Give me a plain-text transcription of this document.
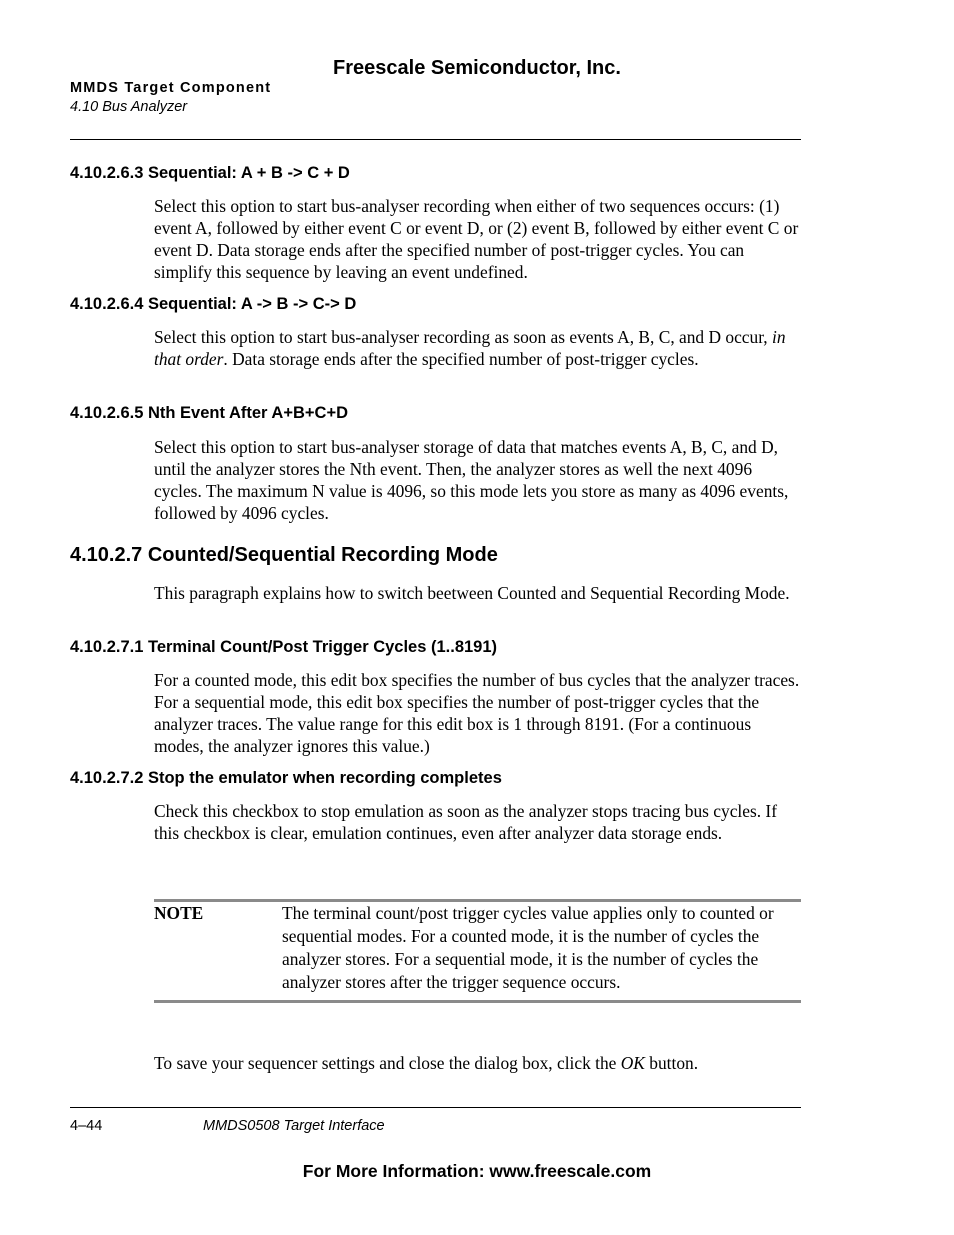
Freescale Semiconductor, Inc.
MMDS Target Component
4.10 Bus Analyzer
4.10.2.6.3 Sequential: A + B -> C + D
Select this option to start bus-analyser recording when either of two sequences occurs: (1) event A, followed by either event C or event D, or (2) event B, followed by either event C or event D. Data storage ends after the specified number of post-trigger cycles. You can simplify this sequence by leaving an event undefined.
4.10.2.6.4 Sequential: A -> B -> C-> D
Select this option to start bus-analyser recording as soon as events A, B, C, and D occur, in that order. Data storage ends after the specified number of post-trigger cycles.
4.10.2.6.5 Nth Event After A+B+C+D
Select this option to start bus-analyser storage of data that matches events A, B, C, and D, until the analyzer stores the Nth event. Then, the analyzer stores as well the next 4096 cycles. The maximum N value is 4096, so this mode lets you store as many as 4096 events, followed by 4096 cycles.
4.10.2.7 Counted/Sequential Recording Mode
This paragraph explains how to switch beetween Counted and Sequential Recording Mode.
4.10.2.7.1 Terminal Count/Post Trigger Cycles (1..8191)
For a counted mode, this edit box specifies the number of bus cycles that the analyzer traces. For a sequential mode, this edit box specifies the number of post-trigger cycles that the analyzer traces. The value range for this edit box is 1 through 8191. (For a continuous modes, the analyzer ignores this value.)
4.10.2.7.2 Stop the emulator when recording completes
Check this checkbox to stop emulation as soon as the analyzer stops tracing bus cycles. If this checkbox is clear, emulation continues, even after analyzer data storage ends.
NOTE	The terminal count/post trigger cycles value applies only to counted or sequential modes. For a counted mode, it is the number of cycles the analyzer stores. For a sequential mode, it is the number of cycles the analyzer stores after the trigger sequence occurs.
To save your sequencer settings and close the dialog box, click the OK button.
4–44	MMDS0508 Target Interface
For More Information: www.freescale.com
